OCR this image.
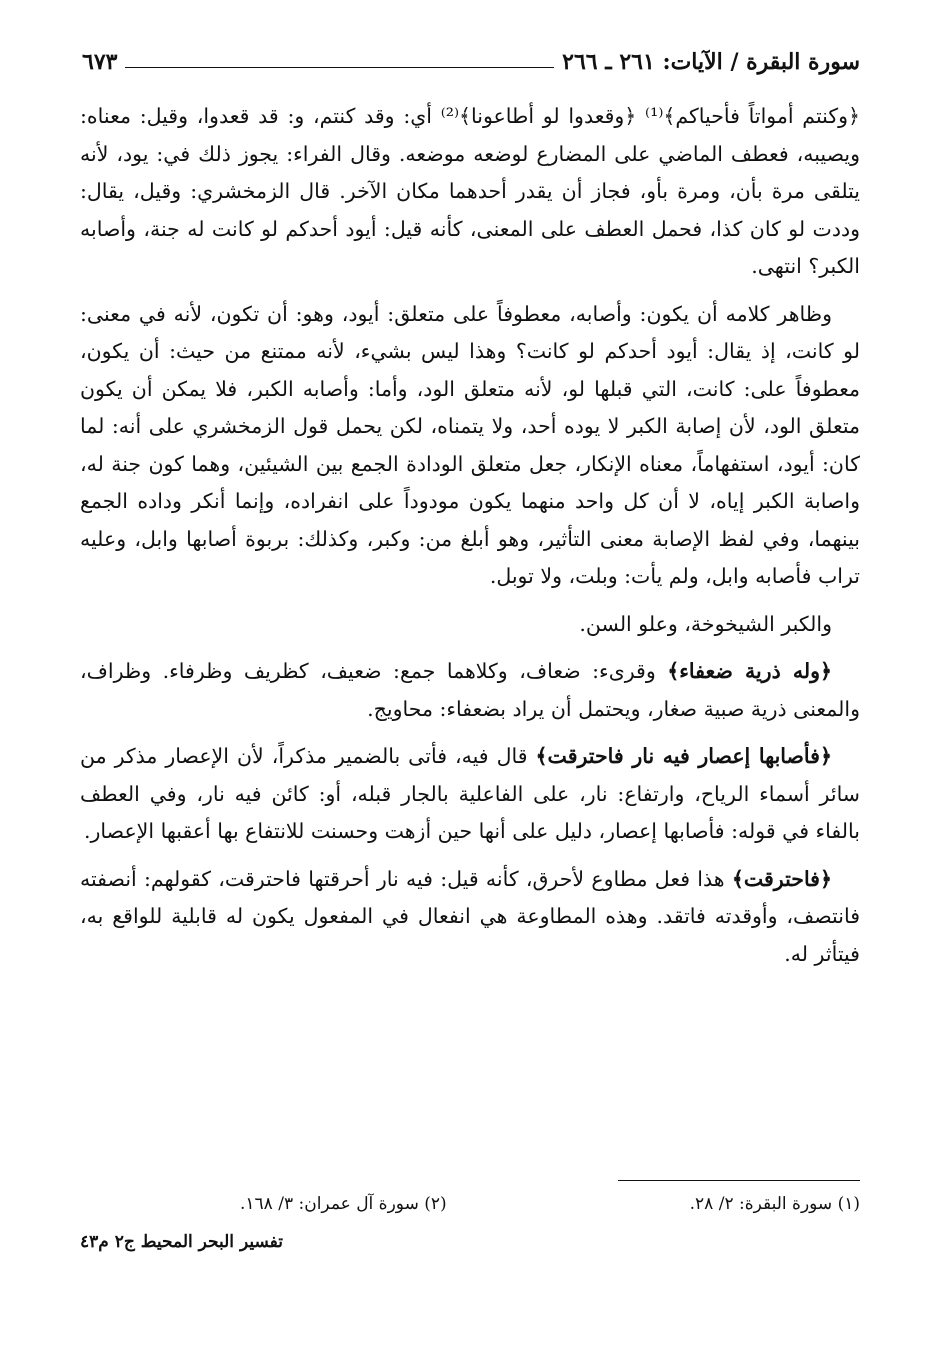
سورة البقرة / الآيات: ٢٦١ ـ ٢٦٦
٦٧٣

﴿وكنتم أمواتاً فأحياكم﴾⁽¹⁾ ﴿وقعدوا لو أطاعونا﴾⁽²⁾ أي: وقد كنتم، و: قد قعدوا، وقيل: معناه: ويصيبه، فعطف الماضي على المضارع لوضعه موضعه. وقال الفراء: يجوز ذلك في: يود، لأنه يتلقى مرة بأن، ومرة بأو، فجاز أن يقدر أحدهما مكان الآخر. قال الزمخشري: وقيل، يقال: وددت لو كان كذا، فحمل العطف على المعنى، كأنه قيل: أيود أحدكم لو كانت له جنة، وأصابه الكبر؟ انتهى.

وظاهر كلامه أن يكون: وأصابه، معطوفاً على متعلق: أيود، وهو: أن تكون، لأنه في معنى: لو كانت، إذ يقال: أيود أحدكم لو كانت؟ وهذا ليس بشيء، لأنه ممتنع من حيث: أن يكون، معطوفاً على: كانت، التي قبلها لو، لأنه متعلق الود، وأما: وأصابه الكبر، فلا يمكن أن يكون متعلق الود، لأن إصابة الكبر لا يوده أحد، ولا يتمناه، لكن يحمل قول الزمخشري على أنه: لما كان: أيود، استفهاماً، معناه الإنكار، جعل متعلق الودادة الجمع بين الشيئين، وهما كون جنة له، واصابة الكبر إياه، لا أن كل واحد منهما يكون مودوداً على انفراده، وإنما أنكر وداده الجمع بينهما، وفي لفظ الإصابة معنى التأثير، وهو أبلغ من: وكبر، وكذلك: بربوة أصابها وابل، وعليه تراب فأصابه وابل، ولم يأت: وبلت، ولا توبل.

والكبر الشيخوخة، وعلو السن.

﴿وله ذرية ضعفاء﴾ وقرىء: ضعاف، وكلاهما جمع: ضعيف، كظريف وظرفاء. وظراف، والمعنى ذرية صبية صغار، ويحتمل أن يراد بضعفاء: محاويج.

﴿فأصابها إعصار فيه نار فاحترقت﴾ قال فيه، فأتى بالضمير مذكراً، لأن الإعصار مذكر من سائر أسماء الرياح، وارتفاع: نار، على الفاعلية بالجار قبله، أو: كائن فيه نار، وفي العطف بالفاء في قوله: فأصابها إعصار، دليل على أنها حين أزهت وحسنت للانتفاع بها أعقبها الإعصار.

﴿فاحترقت﴾ هذا فعل مطاوع لأحرق، كأنه قيل: فيه نار أحرقتها فاحترقت، كقولهم: أنصفته فانتصف، وأوقدته فاتقد. وهذه المطاوعة هي انفعال في المفعول يكون له قابلية للواقع به، فيتأثر له.

(١) سورة البقرة: ٢/ ٢٨.
(٢) سورة آل عمران: ٣/ ١٦٨.
تفسير البحر المحيط ج٢ م٤٣
